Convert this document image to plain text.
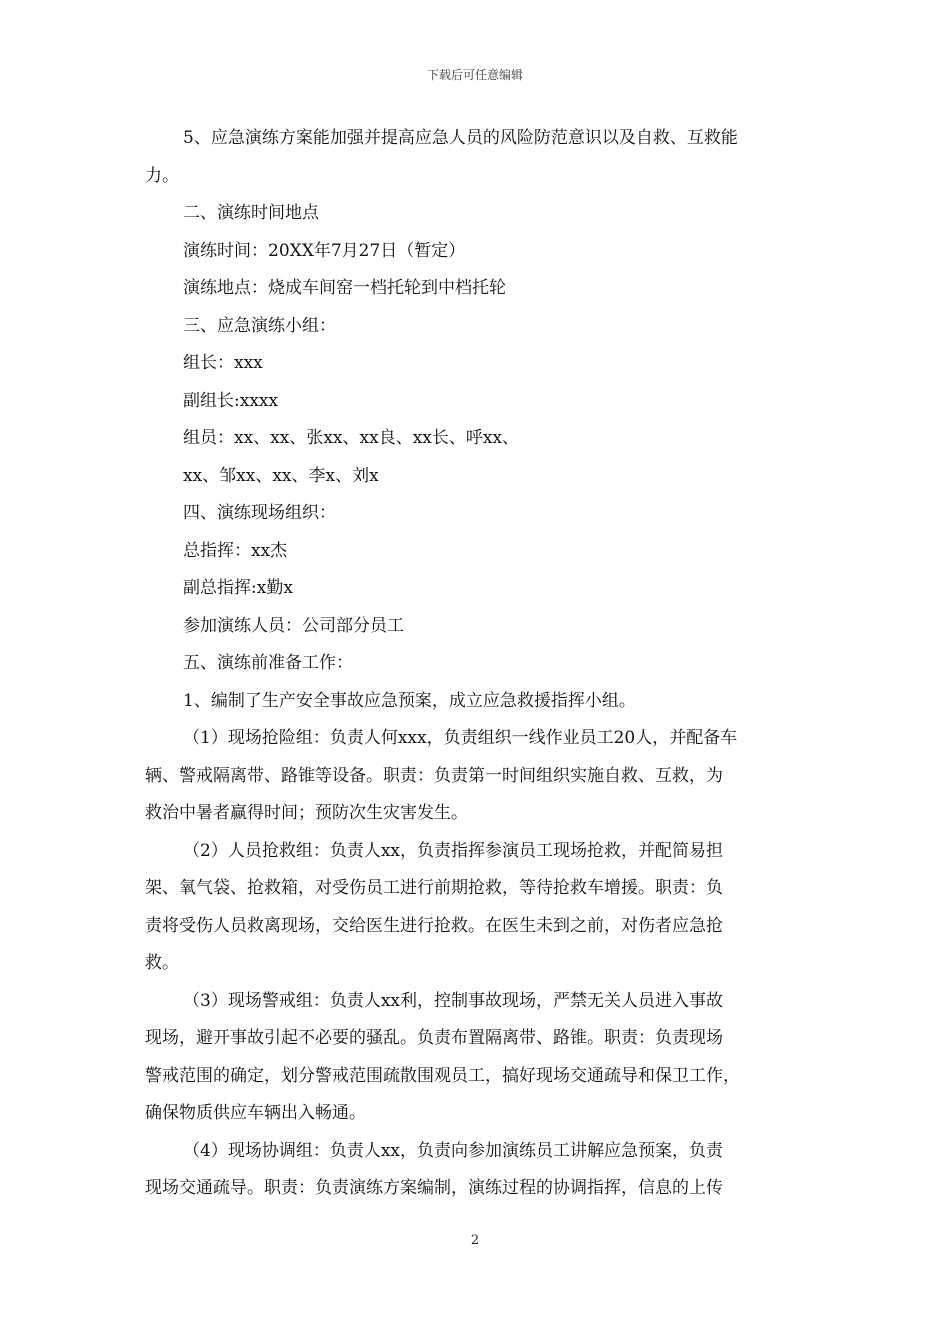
下载后可任意编辑

5、应急演练方案能加强并提高应急人员的风险防范意识以及自救、互救能

力。

二、演练时间地点

演练时间：20XX年7月27日（暂定）

演练地点：烧成车间窑一档托轮到中档托轮

三、应急演练小组：

组长：xxx

副组长:xxxx

组员：xx、xx、张xx、xx良、xx长、呼xx、

xx、邹xx、xx、李x、刘x

四、演练现场组织：

总指挥：xx杰

副总指挥:x勤x

参加演练人员：公司部分员工

五、演练前准备工作：

1、编制了生产安全事故应急预案，成立应急救援指挥小组。

（1）现场抢险组：负责人何xxx，负责组织一线作业员工20人，并配备车

辆、警戒隔离带、路锥等设备。职责：负责第一时间组织实施自救、互救，为

救治中暑者赢得时间；预防次生灾害发生。

（2）人员抢救组：负责人xx，负责指挥参演员工现场抢救，并配简易担

架、氧气袋、抢救箱，对受伤员工进行前期抢救，等待抢救车增援。职责：负

责将受伤人员救离现场，交给医生进行抢救。在医生未到之前，对伤者应急抢

救。

（3）现场警戒组：负责人xx利，控制事故现场，严禁无关人员进入事故

现场，避开事故引起不必要的骚乱。负责布置隔离带、路锥。职责：负责现场

警戒范围的确定，划分警戒范围疏散围观员工，搞好现场交通疏导和保卫工作，

确保物质供应车辆出入畅通。

（4）现场协调组：负责人xx，负责向参加演练员工讲解应急预案，负责

现场交通疏导。职责：负责演练方案编制，演练过程的协调指挥，信息的上传

2
